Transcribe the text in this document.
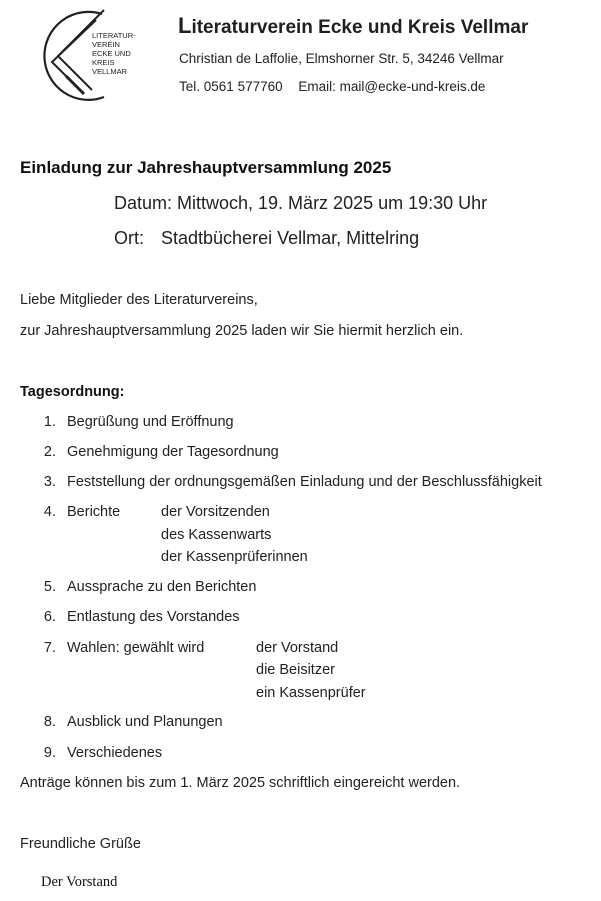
LITERATUR-
VEREIN
ECKE UND
KREIS
VELLMAR
Literaturverein Ecke und Kreis Vellmar
Christian de Laffolie, Elmshorner Str. 5, 34246 Vellmar
Tel. 0561 577760 Email: mail@ecke-und-kreis.de
Einladung zur Jahreshauptversammlung 2025
Datum: Mittwoch, 19. März 2025 um 19:30 Uhr
Ort: Stadtbücherei Vellmar, Mittelring
Liebe Mitglieder des Literaturvereins,
zur Jahreshauptversammlung 2025 laden wir Sie hiermit herzlich ein.
Tagesordnung:
1. Begrüßung und Eröffnung
2. Genehmigung der Tagesordnung
3. Feststellung der ordnungsgemäßen Einladung und der Beschlussfähigkeit
4. Berichte	der Vorsitzenden
des Kassenwarts
der Kassenprüferinnen
5. Aussprache zu den Berichten
6. Entlastung des Vorstandes
7. Wahlen: gewählt wird	der Vorstand
die Beisitzer
ein Kassenprüfer
8. Ausblick und Planungen
9. Verschiedenes
Anträge können bis zum 1. März 2025 schriftlich eingereicht werden.
Freundliche Grüße
Der Vorstand
